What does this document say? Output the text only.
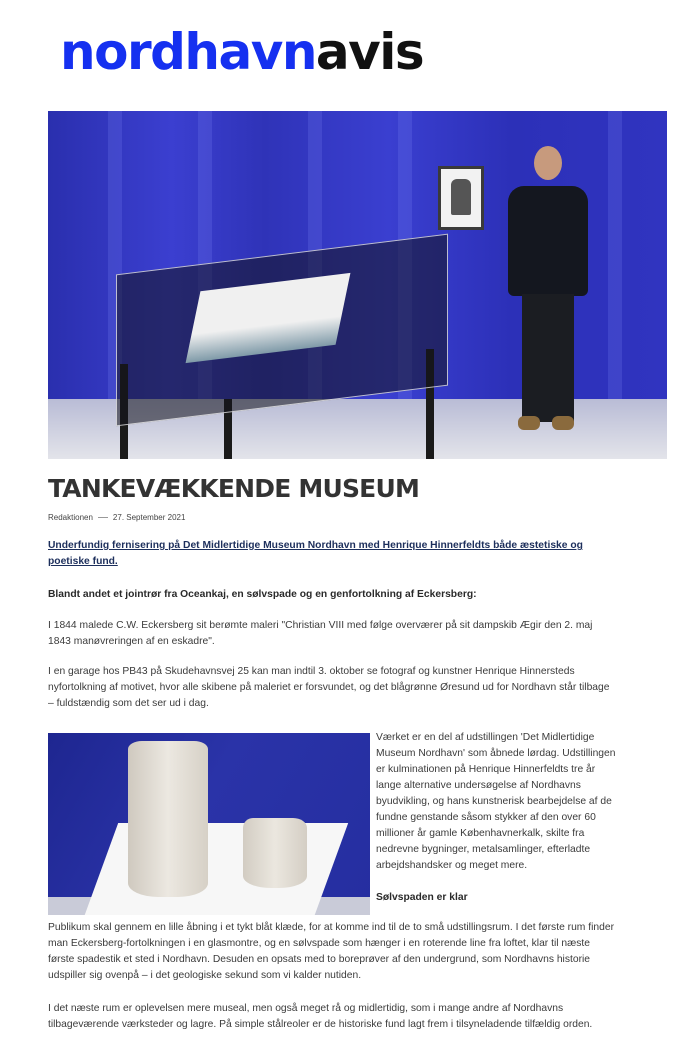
nordhavnavis
TANKEVÆKKENDE MUSEUM
Redaktionen	27. September 2021
Underfundig fernisering på Det Midlertidige Museum Nordhavn med Henrique Hinnerfeldts både æstetiske og poetiske fund.
Blandt andet et jointrør fra Oceankaj, en sølvspade og en genfortolkning af Eckersberg:
I 1844 malede C.W. Eckersberg sit berømte maleri "Christian VIII med følge overværer på sit dampskib Ægir den 2. maj 1843 manøvreringen af en eskadre".
I en garage hos PB43 på Skudehavnsvej 25 kan man indtil 3. oktober se fotograf og kunstner Henrique Hinnersteds nyfortolkning af motivet, hvor alle skibene på maleriet er forsvundet, og det blågrønne Øresund ud for Nordhavn står tilbage – fuldstændig som det ser ud i dag.
Værket er en del af udstillingen 'Det Midlertidige Museum Nordhavn' som åbnede lørdag. Udstillingen er kulminationen på Henrique Hinnerfeldts tre år lange alternative undersøgelse af Nordhavns byudvikling, og hans kunstnerisk bearbejdelse af de fundne genstande såsom stykker af den over 60 millioner år gamle Københavnerkalk, skilte fra nedrevne bygninger, metalsamlinger, efterladte arbejdshandsker og meget mere.
Sølvspaden er klar
Publikum skal gennem en lille åbning i et tykt blåt klæde, for at komme ind til de to små udstillingsrum. I det første rum finder man Eckersberg-fortolkningen i en glasmontre, og en sølvspade som hænger i en roterende line fra loftet, klar til næste første spadestik et sted i Nordhavn. Desuden en opsats med to boreprøver af den undergrund, som Nordhavns historie udspiller sig ovenpå – i det geologiske sekund som vi kalder nutiden.
I det næste rum er oplevelsen mere museal, men også meget rå og midlertidig, som i mange andre af Nordhavns tilbageværende værksteder og lagre. På simple stålreoler er de historiske fund lagt frem i tilsyneladende tilfældig orden.
